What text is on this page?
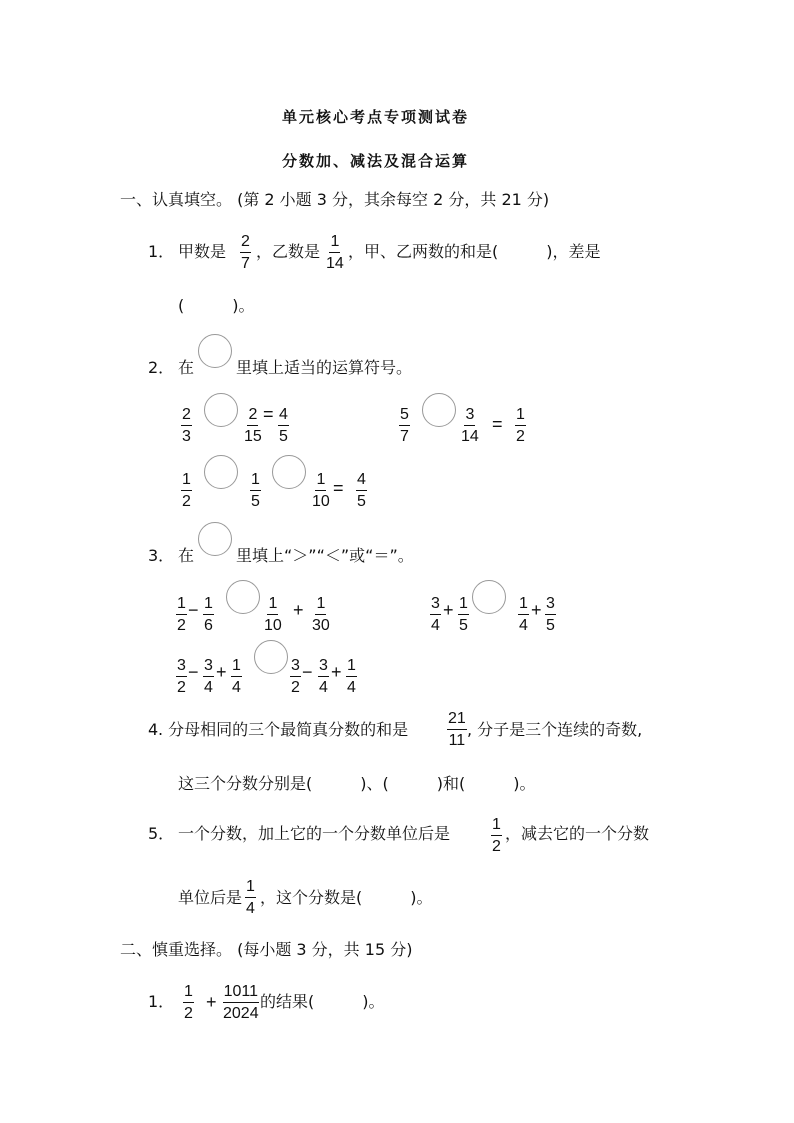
单元核心考点专项测试卷
分数加、减法及混合运算
一、认真填空。 (第 2 小题 3 分，其余每空 2 分，共 21 分)
1． 甲数是 $\frac{2}{7}$ ，乙数是 $\frac{1}{14}$ ，甲、乙两数的和是(　　　)，差是
(　　　)。
2． 在	里填上适当的运算符号。
$\frac{2}{3}$	$\frac{2}{15} = \frac{4}{5}$	$\frac{5}{7}$	$\frac{3}{14} = \frac{1}{2}$
$\frac{1}{2}$	$\frac{1}{5}$	$\frac{1}{10} = \frac{4}{5}$
3． 在	里填上“＞”“＜”或“＝”。
$\frac{1}{2} - \frac{1}{6}$	$\frac{1}{10} + \frac{1}{30}$	$\frac{3}{4} + \frac{1}{5}$	$\frac{1}{4} + \frac{3}{5}$
$\frac{3}{2} - \frac{3}{4} + \frac{1}{4}$	$\frac{3}{2} - \frac{3}{4} + \frac{1}{4}$
4 . 分母相同的三个最简真分数的和是 $\frac{21}{11}$ , 分子是三个连续的奇数,
这三个分数分别是(　　　)、(　　　)和(　　　)。
5． 一个分数，加上它的一个分数单位后是	$\frac{1}{2}$ ，减去它的一个分数
单位后是 $\frac{1}{4}$ ，这个分数是(　　　)。
二、慎重选择。 (每小题 3 分，共 15 分)
1． $\frac{1}{2} + \frac{1011}{2024}$ 的结果(　　　)。
